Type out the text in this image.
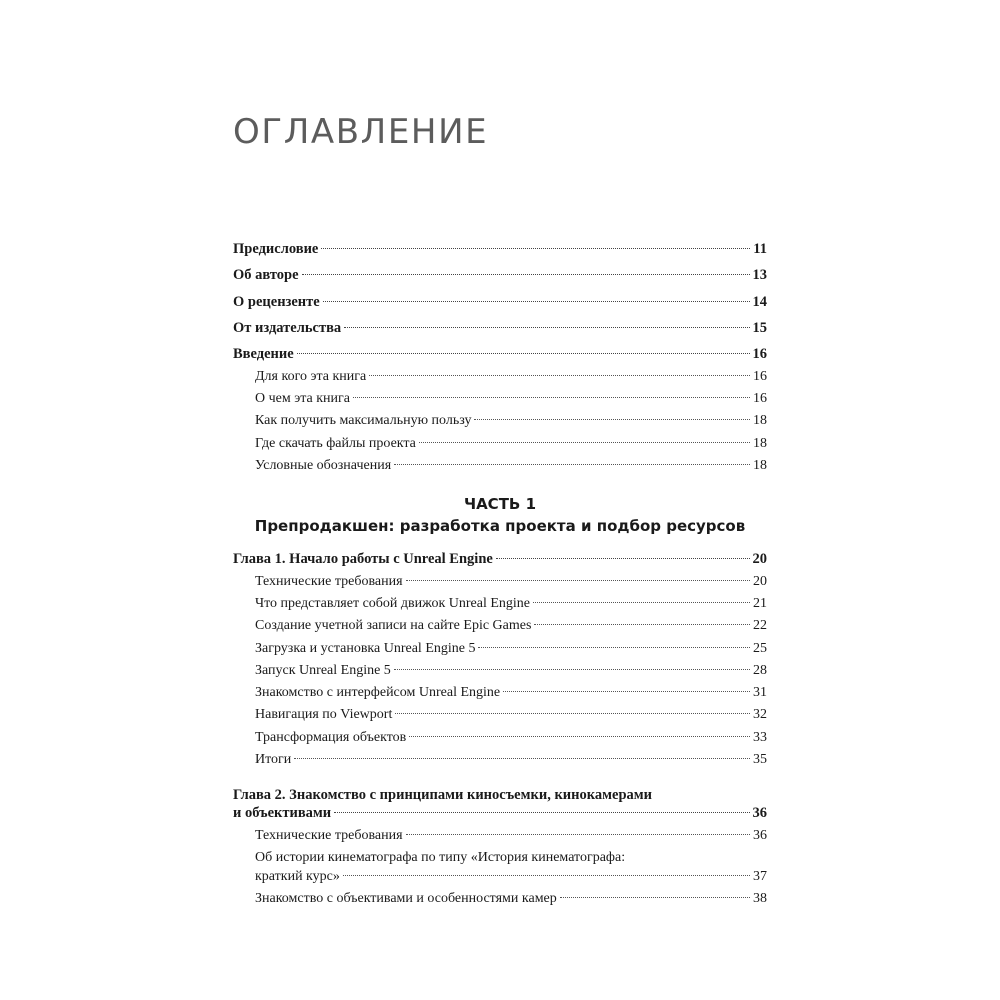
ОГЛАВЛЕНИЕ
Предисловие	11
Об авторе	13
О рецензенте	14
От издательства	15
Введение	16
Для кого эта книга	16
О чем эта книга	16
Как получить максимальную пользу	18
Где скачать файлы проекта	18
Условные обозначения	18
ЧАСТЬ 1
Препродакшен: разработка проекта и подбор ресурсов
Глава 1. Начало работы с Unreal Engine	20
Технические требования	20
Что представляет собой движок Unreal Engine	21
Создание учетной записи на сайте Epic Games	22
Загрузка и установка Unreal Engine 5	25
Запуск Unreal Engine 5	28
Знакомство с интерфейсом Unreal Engine	31
Навигация по Viewport	32
Трансформация объектов	33
Итоги	35
Глава 2. Знакомство с принципами киносъемки, кинокамерами
и объективами	36
Технические требования	36
Об истории кинематографа по типу «История кинематографа:
краткий курс»	37
Знакомство с объективами и особенностями камер	38
